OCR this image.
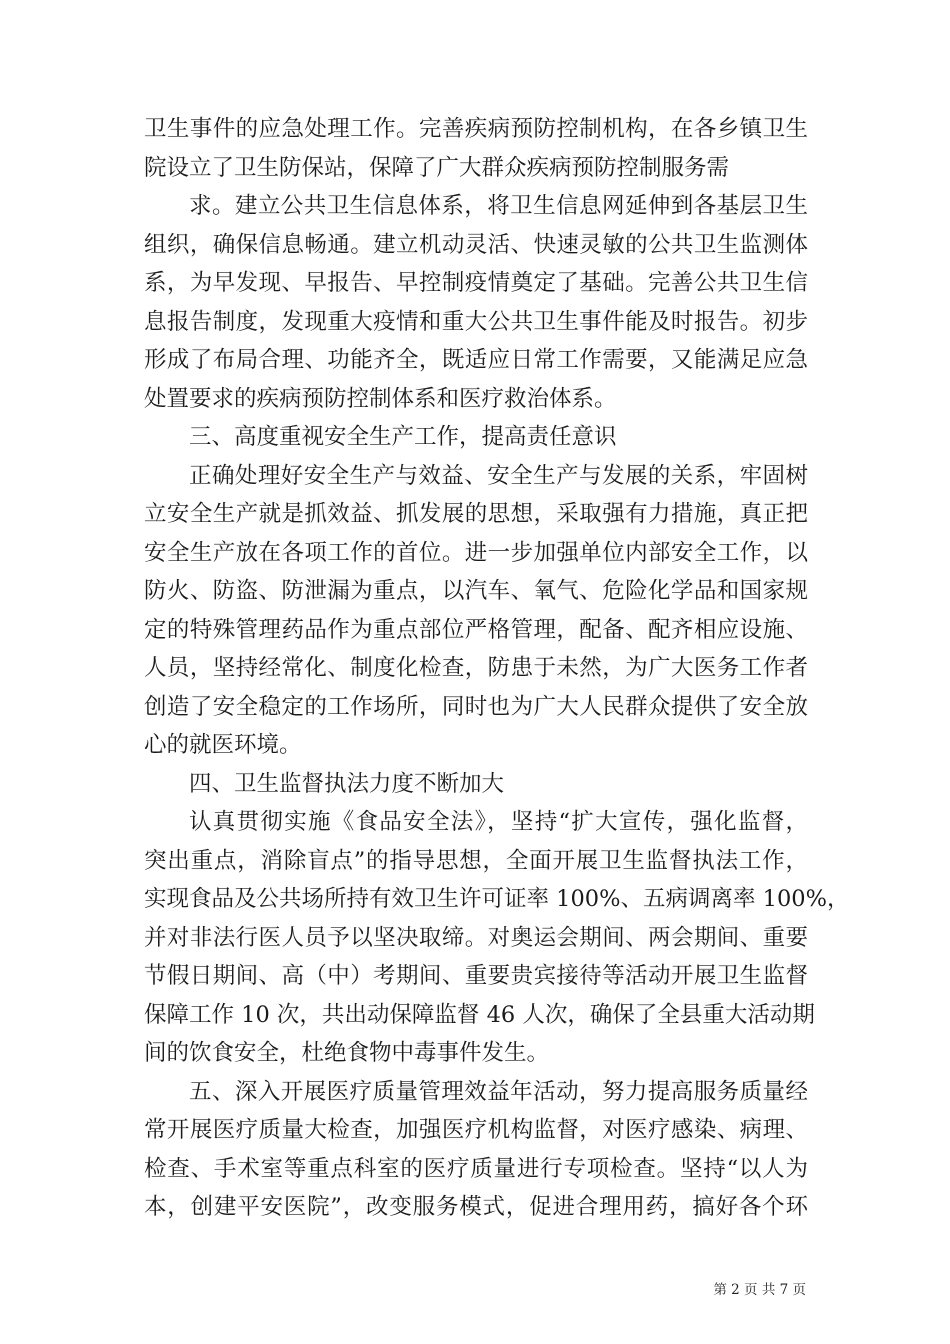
卫生事件的应急处理工作。完善疾病预防控制机构，在各乡镇卫生
院设立了卫生防保站，保障了广大群众疾病预防控制服务需
求。建立公共卫生信息体系，将卫生信息网延伸到各基层卫生
组织，确保信息畅通。建立机动灵活、快速灵敏的公共卫生监测体
系，为早发现、早报告、早控制疫情奠定了基础。完善公共卫生信
息报告制度，发现重大疫情和重大公共卫生事件能及时报告。初步
形成了布局合理、功能齐全，既适应日常工作需要，又能满足应急
处置要求的疾病预防控制体系和医疗救治体系。
三、高度重视安全生产工作，提高责任意识
正确处理好安全生产与效益、安全生产与发展的关系，牢固树
立安全生产就是抓效益、抓发展的思想，采取强有力措施，真正把
安全生产放在各项工作的首位。进一步加强单位内部安全工作，以
防火、防盗、防泄漏为重点，以汽车、氧气、危险化学品和国家规
定的特殊管理药品作为重点部位严格管理，配备、配齐相应设施、
人员，坚持经常化、制度化检查，防患于未然，为广大医务工作者
创造了安全稳定的工作场所，同时也为广大人民群众提供了安全放
心的就医环境。
四、卫生监督执法力度不断加大
认真贯彻实施《食品安全法》，坚持“扩大宣传，强化监督，
突出重点，消除盲点”的指导思想，全面开展卫生监督执法工作，
实现食品及公共场所持有效卫生许可证率 100%、五病调离率 100%，
并对非法行医人员予以坚决取缔。对奥运会期间、两会期间、重要
节假日期间、高（中）考期间、重要贵宾接待等活动开展卫生监督
保障工作 10 次，共出动保障监督 46 人次，确保了全县重大活动期
间的饮食安全，杜绝食物中毒事件发生。
五、深入开展医疗质量管理效益年活动，努力提高服务质量经
常开展医疗质量大检查，加强医疗机构监督，对医疗感染、病理、
检查、手术室等重点科室的医疗质量进行专项检查。坚持“以人为
本，创建平安医院”，改变服务模式，促进合理用药，搞好各个环
第 2 页 共 7 页
